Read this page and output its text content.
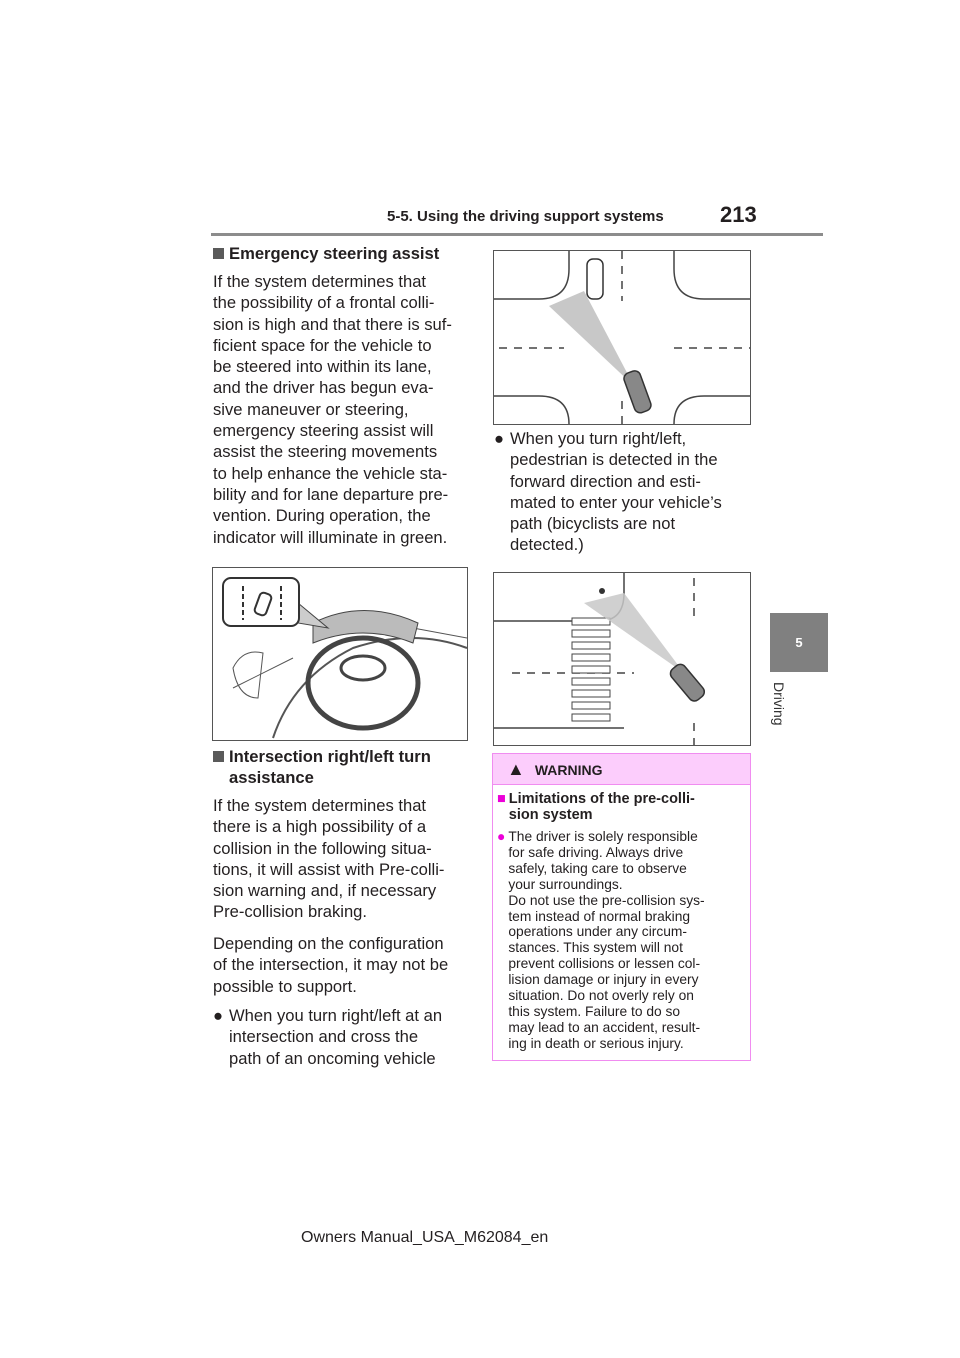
5-5. Using the driving support systems	213
5
Driving
Emergency steering assist
If the system determines that
the possibility of a frontal colli-
sion is high and that there is suf-
ficient space for the vehicle to
be steered into within its lane,
and the driver has begun eva-
sive maneuver or steering,
emergency steering assist will
assist the steering movements
to help enhance the vehicle sta-
bility and for lane departure pre-
vention. During operation, the
indicator will illuminate in green.
Intersection right/left turn
assistance
If the system determines that
there is a high possibility of a
collision in the following situa-
tions, it will assist with Pre-colli-
sion warning and, if necessary
Pre-collision braking.
Depending on the configuration
of the intersection, it may not be
possible to support.
● When you turn right/left at an
intersection and cross the
path of an oncoming vehicle
● When you turn right/left,
pedestrian is detected in the
forward direction and esti-
mated to enter your vehicle’s
path (bicyclists are not
detected.)
▲ WARNING
■ Limitations of the pre-colli-
sion system
● The driver is solely responsible
for safe driving. Always drive
safely, taking care to observe
your surroundings.
Do not use the pre-collision sys-
tem instead of normal braking
operations under any circum-
stances. This system will not
prevent collisions or lessen col-
lision damage or injury in every
situation. Do not overly rely on
this system. Failure to do so
may lead to an accident, result-
ing in death or serious injury.
Owners Manual_USA_M62084_en
